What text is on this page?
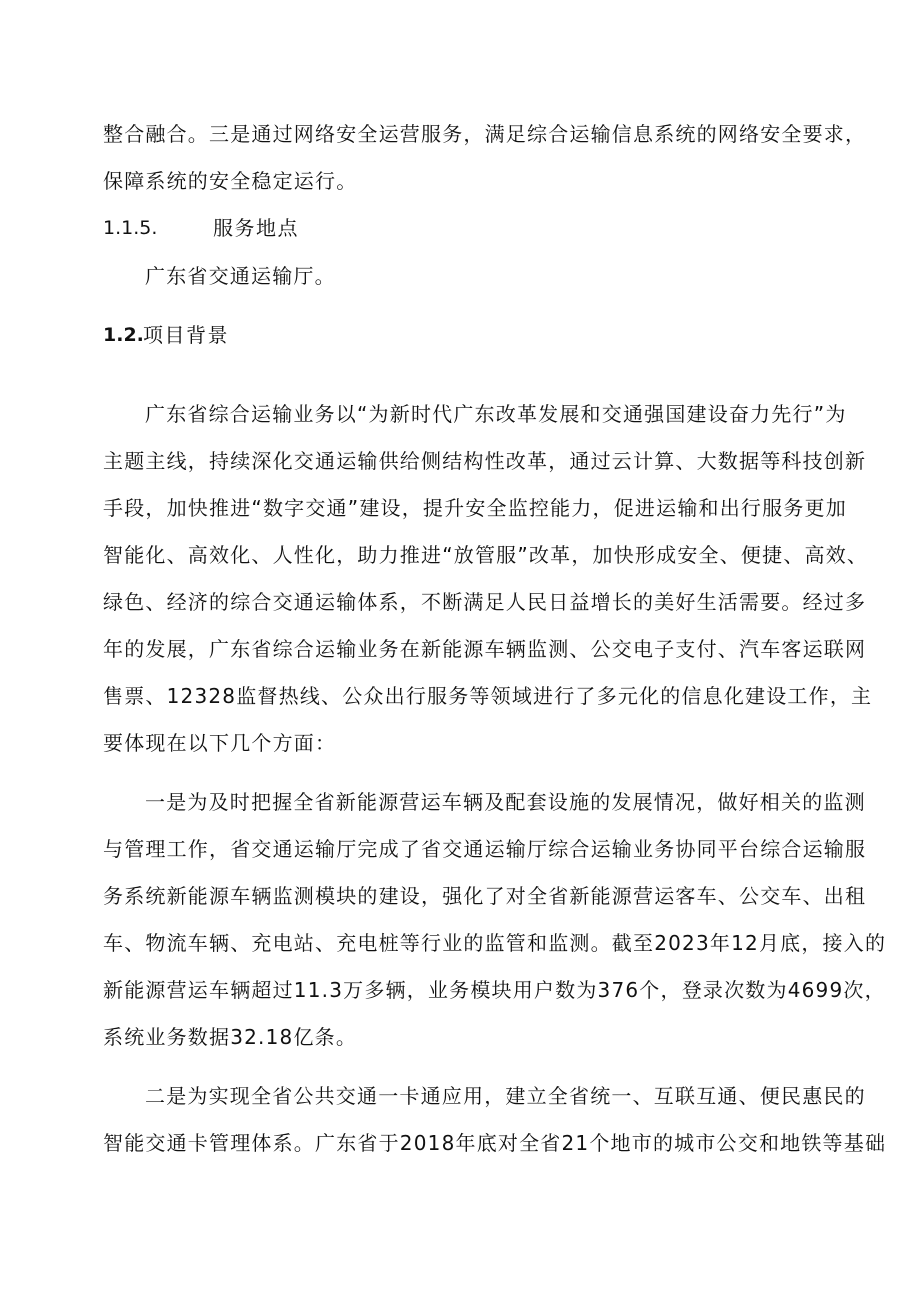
整合融合。三是通过网络安全运营服务，满足综合运输信息系统的网络安全要求，
保障系统的安全稳定运行。
1.1.5.	服务地点
广东省交通运输厅。
1.2. 项目背景
广东省综合运输业务以“为新时代广东改革发展和交通强国建设奋力先行”为
主题主线，持续深化交通运输供给侧结构性改革，通过云计算、大数据等科技创新
手段，加快推进“数字交通”建设，提升安全监控能力，促进运输和出行服务更加
智能化、高效化、人性化，助力推进“放管服”改革，加快形成安全、便捷、高效、
绿色、经济的综合交通运输体系，不断满足人民日益增长的美好生活需要。经过多
年的发展，广东省综合运输业务在新能源车辆监测、公交电子支付、汽车客运联网
售票、12328监督热线、公众出行服务等领域进行了多元化的信息化建设工作，主
要体现在以下几个方面：
一是为及时把握全省新能源营运车辆及配套设施的发展情况，做好相关的监测
与管理工作，省交通运输厅完成了省交通运输厅综合运输业务协同平台综合运输服
务系统新能源车辆监测模块的建设，强化了对全省新能源营运客车、公交车、出租
车、物流车辆、充电站、充电桩等行业的监管和监测。截至2023年12月底，接入的
新能源营运车辆超过11.3万多辆，业务模块用户数为376个，登录次数为4699次，
系统业务数据32.18亿条。
二是为实现全省公共交通一卡通应用，建立全省统一、互联互通、便民惠民的
智能交通卡管理体系。广东省于2018年底对全省21个地市的城市公交和地铁等基础
